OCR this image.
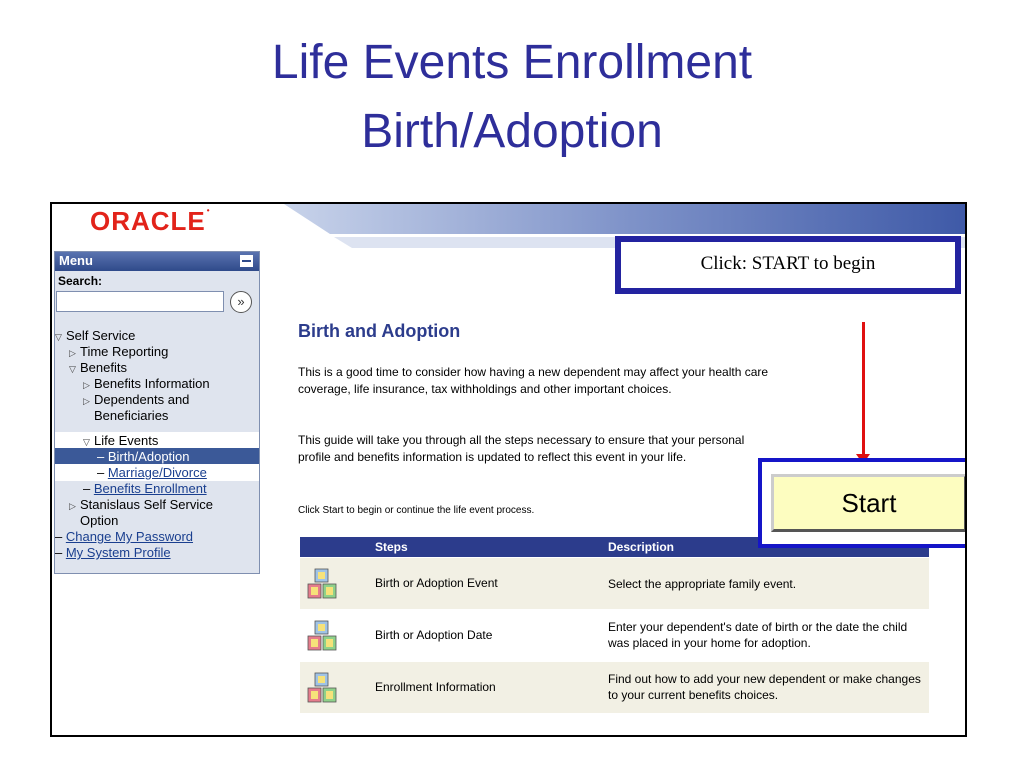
Life Events Enrollment
Birth/Adoption
ORACLE•
Menu
Search:
»
▽ Self Service
▷ Time Reporting
▽ Benefits
▷ Benefits Information
▷ Dependents and
Beneficiaries
▽ Life Events
– Birth/Adoption
– Marriage/Divorce
– Benefits Enrollment
▷ Stanislaus Self Service
Option
– Change My Password
– My System Profile
Click: START to begin
Birth and Adoption
This is a good time to consider how having a new dependent may affect your health care coverage, life insurance, tax withholdings and other important choices.
This guide will take you through all the steps necessary to ensure that your personal profile and benefits information is updated to reflect this event in your life.
Click Start to begin or continue the life event process.
Steps	Description
Birth or Adoption Event	Select the appropriate family event.
Birth or Adoption Date
Enter your dependent's date of birth or the date the child was placed in your home for adoption.
Enrollment Information
Find out how to add your new dependent or make changes to your current benefits choices.
Start
